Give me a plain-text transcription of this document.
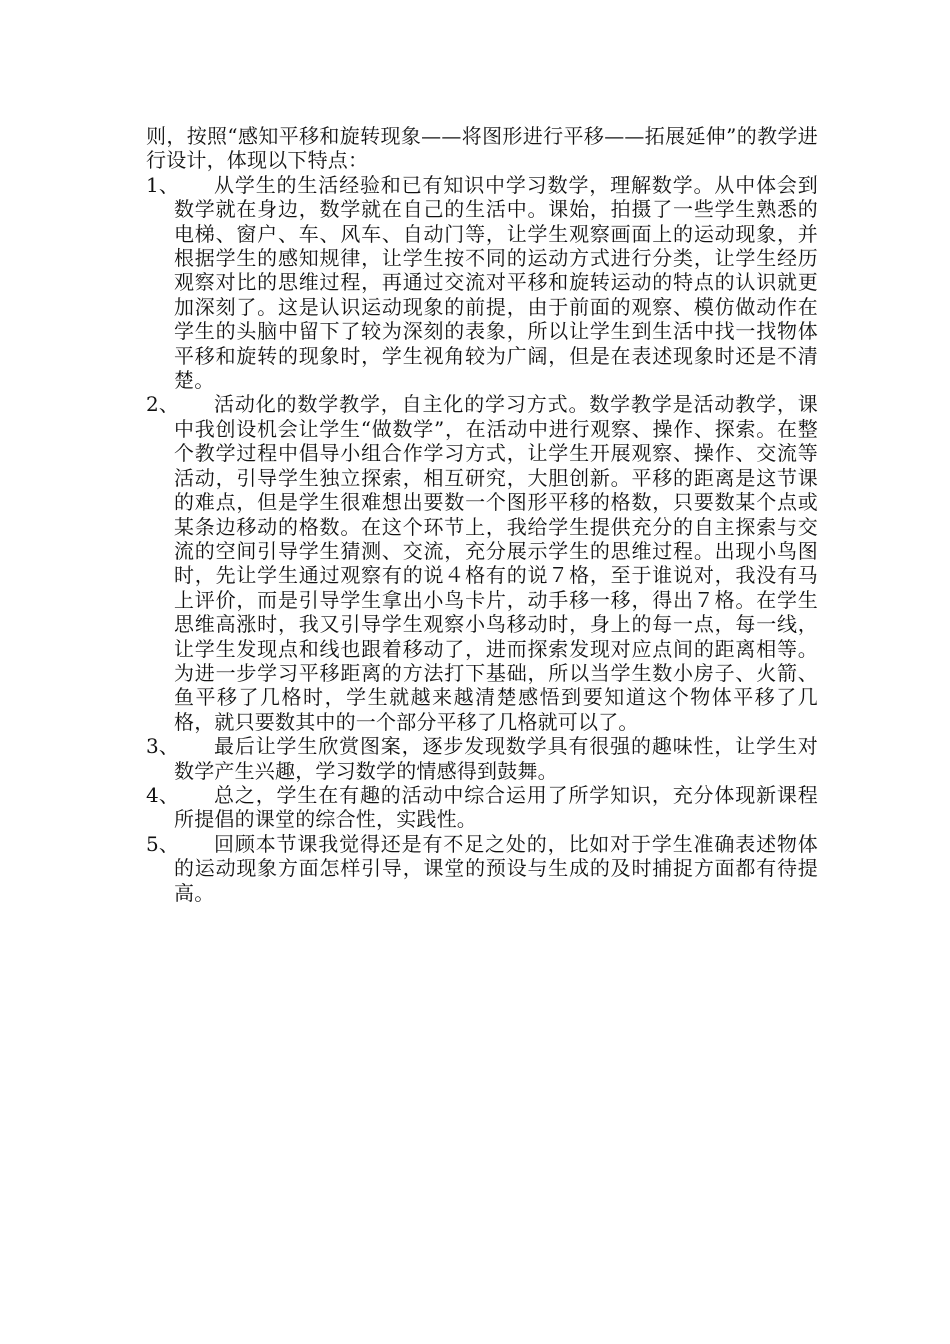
则，按照“感知平移和旋转现象——将图形进行平移——拓展延伸”的教学进行设计，体现以下特点：

1、	从学生的生活经验和已有知识中学习数学，理解数学。从中体会到数学就在身边，数学就在自己的生活中。课始，拍摄了一些学生熟悉的电梯、窗户、车、风车、自动门等，让学生观察画面上的运动现象，并根据学生的感知规律，让学生按不同的运动方式进行分类，让学生经历观察对比的思维过程，再通过交流对平移和旋转运动的特点的认识就更加深刻了。这是认识运动现象的前提，由于前面的观察、模仿做动作在学生的头脑中留下了较为深刻的表象，所以让学生到生活中找一找物体平移和旋转的现象时，学生视角较为广阔，但是在表述现象时还是不清楚。
2、	活动化的数学教学，自主化的学习方式。数学教学是活动教学，课中我创设机会让学生“做数学”，在活动中进行观察、操作、探索。在整个教学过程中倡导小组合作学习方式，让学生开展观察、操作、交流等活动，引导学生独立探索，相互研究，大胆创新。平移的距离是这节课的难点，但是学生很难想出要数一个图形平移的格数，只要数某个点或某条边移动的格数。在这个环节上，我给学生提供充分的自主探索与交流的空间引导学生猜测、交流，充分展示学生的思维过程。出现小鸟图时，先让学生通过观察有的说４格有的说７格，至于谁说对，我没有马上评价，而是引导学生拿出小鸟卡片，动手移一移，得出７格。在学生思维高涨时，我又引导学生观察小鸟移动时，身上的每一点，每一线，让学生发现点和线也跟着移动了，进而探索发现对应点间的距离相等。为进一步学习平移距离的方法打下基础，所以当学生数小房子、火箭、鱼平移了几格时，学生就越来越清楚感悟到要知道这个物体平移了几格，就只要数其中的一个部分平移了几格就可以了。
3、	最后让学生欣赏图案，逐步发现数学具有很强的趣味性，让学生对数学产生兴趣，学习数学的情感得到鼓舞。
4、	总之，学生在有趣的活动中综合运用了所学知识，充分体现新课程所提倡的课堂的综合性，实践性。
5、	回顾本节课我觉得还是有不足之处的，比如对于学生准确表述物体的运动现象方面怎样引导，课堂的预设与生成的及时捕捉方面都有待提高。
